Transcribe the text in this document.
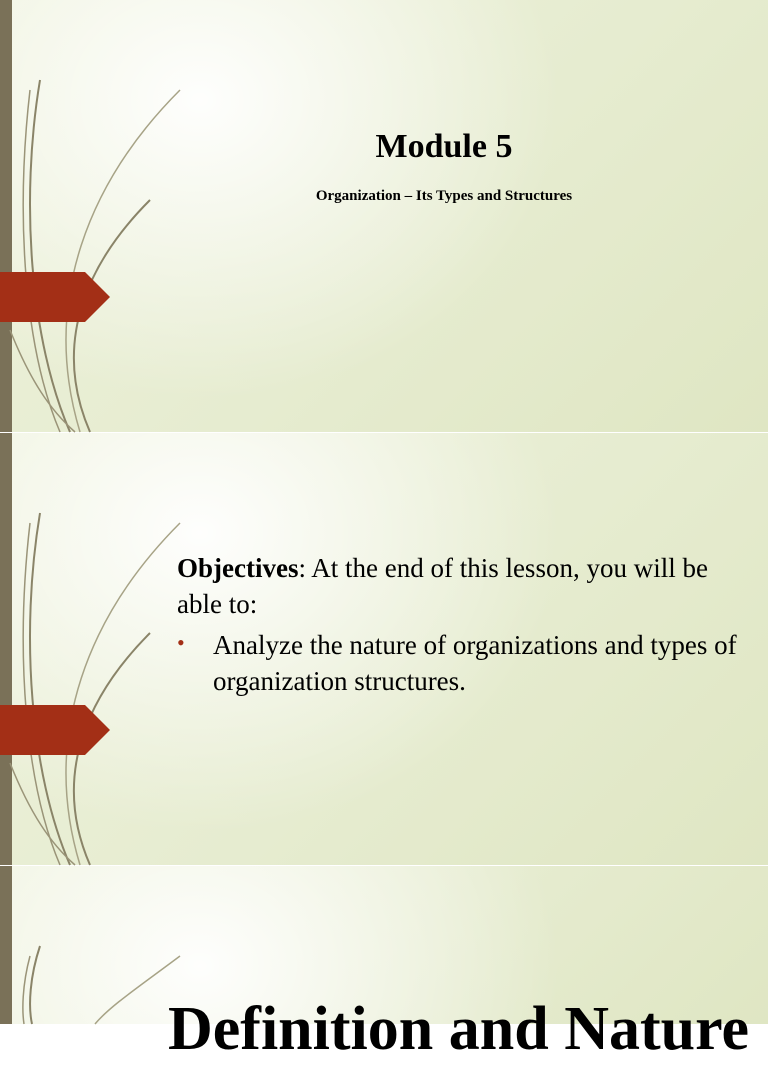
Module 5
Organization – Its Types and Structures
Objectives: At the end of this lesson, you will be able to:
• Analyze the nature of organizations and types of organization structures.
Definition and Nature
